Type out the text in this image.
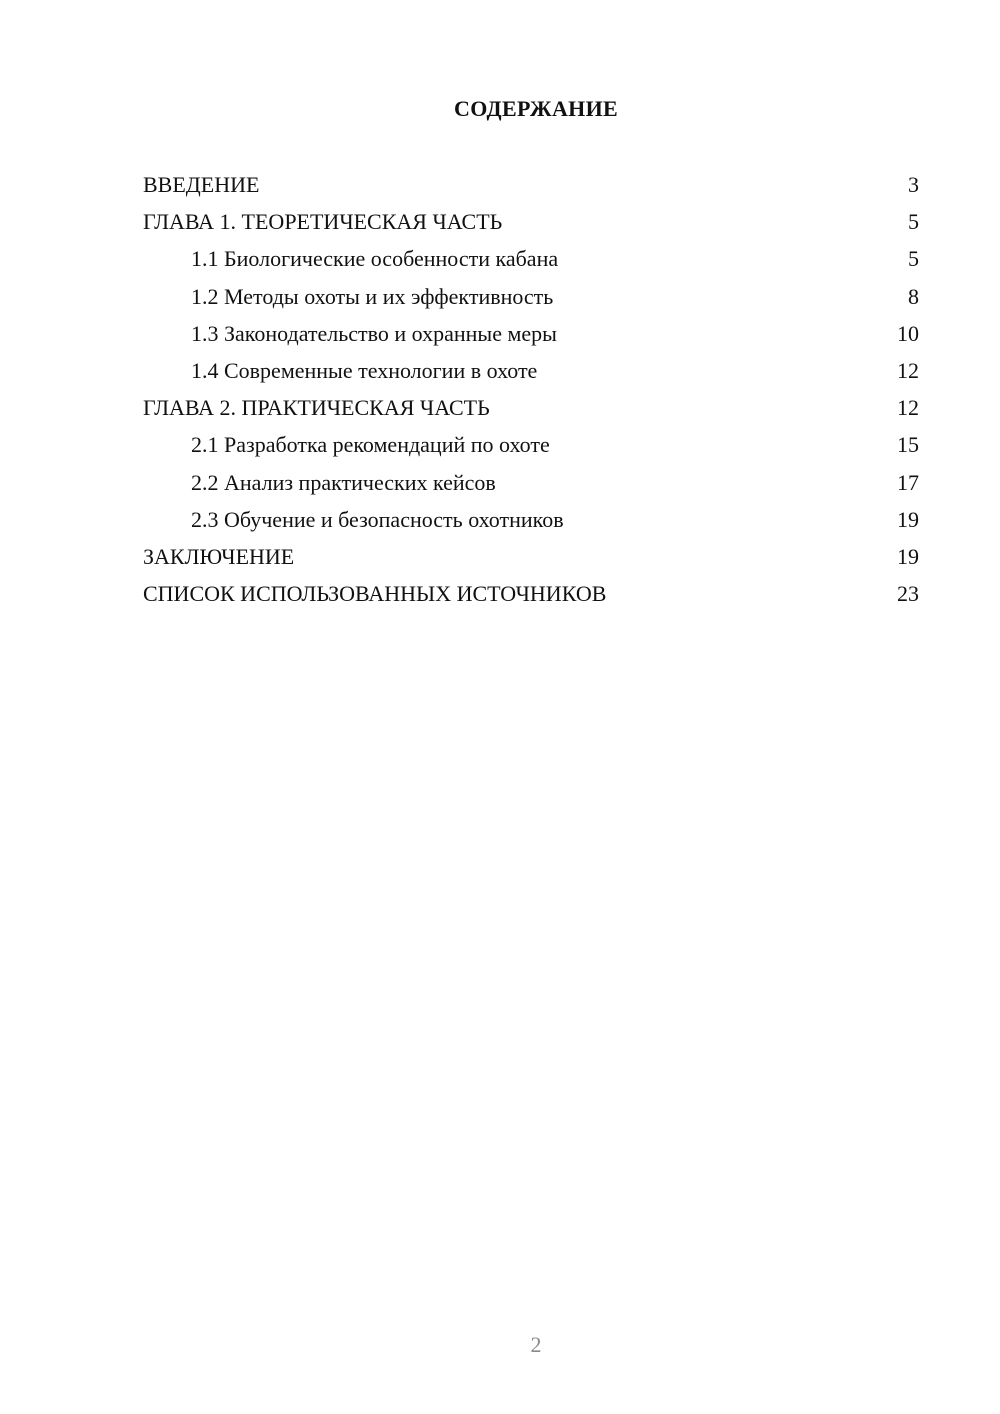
СОДЕРЖАНИЕ
ВВЕДЕНИЕ	3
ГЛАВА 1. ТЕОРЕТИЧЕСКАЯ ЧАСТЬ	5
1.1 Биологические особенности кабана	5
1.2 Методы охоты и их эффективность	8
1.3 Законодательство и охранные меры	10
1.4 Современные технологии в охоте	12
ГЛАВА 2. ПРАКТИЧЕСКАЯ ЧАСТЬ	12
2.1 Разработка рекомендаций по охоте	15
2.2 Анализ практических кейсов	17
2.3 Обучение и безопасность охотников	19
ЗАКЛЮЧЕНИЕ	19
СПИСОК ИСПОЛЬЗОВАННЫХ ИСТОЧНИКОВ	23
2
